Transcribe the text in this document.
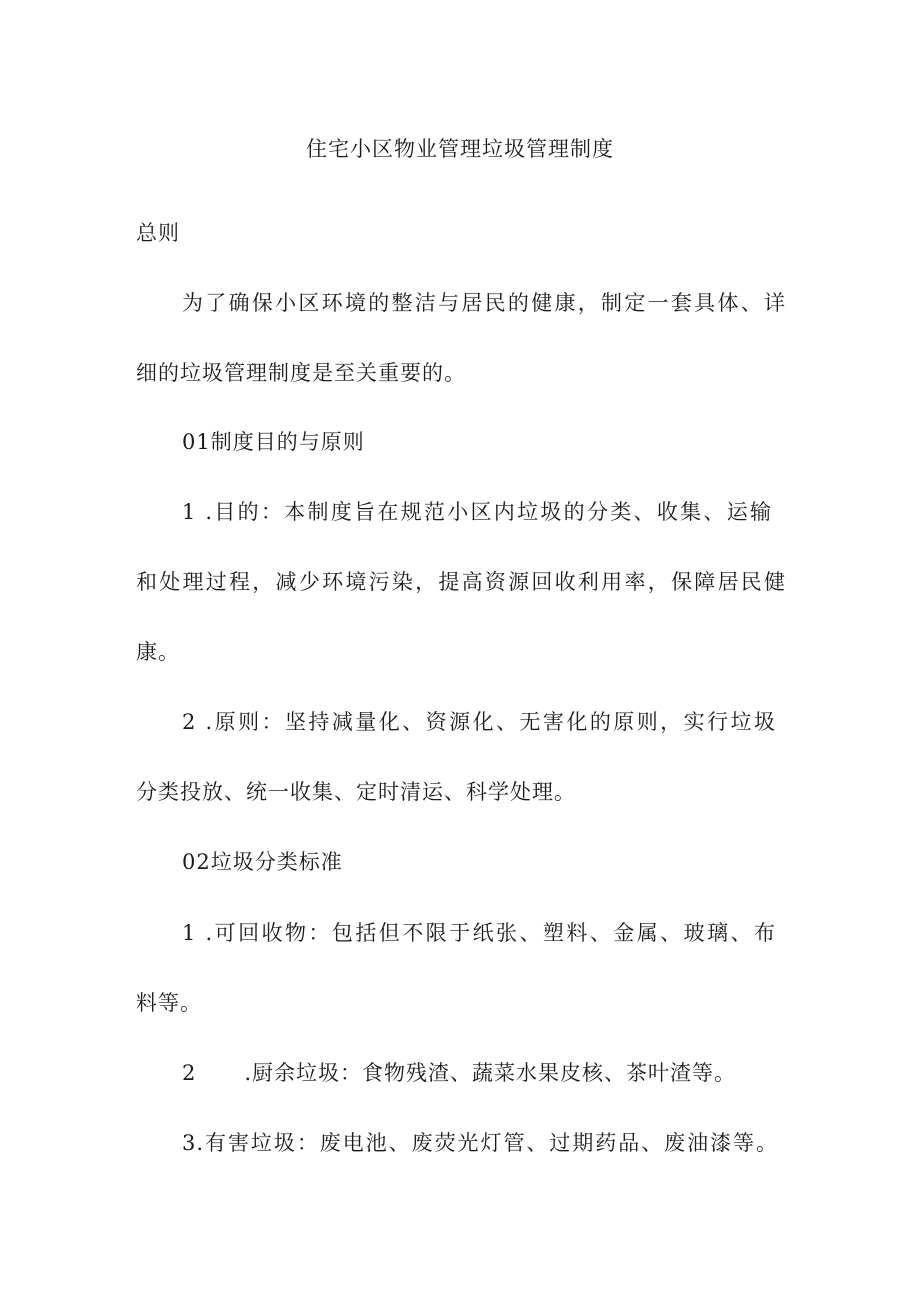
住宅小区物业管理垃圾管理制度
总则
为了确保小区环境的整洁与居民的健康，制定一套具体、详
细的垃圾管理制度是至关重要的。
01制度目的与原则
1 .目的：本制度旨在规范小区内垃圾的分类、收集、运输
和处理过程，减少环境污染，提高资源回收利用率，保障居民健
康。
2 .原则：坚持减量化、资源化、无害化的原则，实行垃圾
分类投放、统一收集、定时清运、科学处理。
02垃圾分类标准
1 .可回收物：包括但不限于纸张、塑料、金属、玻璃、布
料等。
2 .厨余垃圾：食物残渣、蔬菜水果皮核、茶叶渣等。
3.有害垃圾：废电池、废荧光灯管、过期药品、废油漆等。
